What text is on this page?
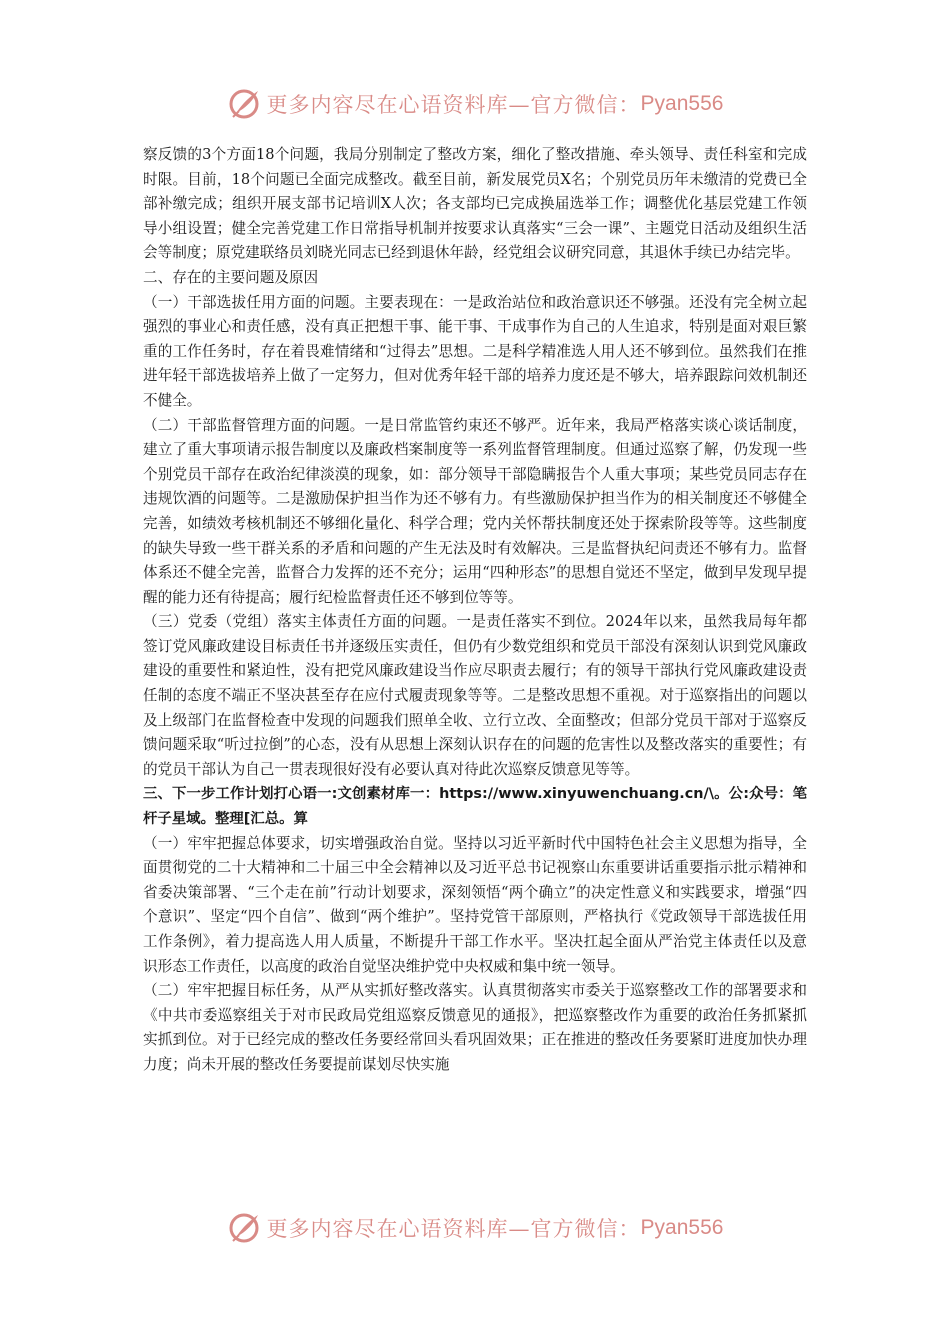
更多内容尽在心语资料库—官方微信： Pyan556

察反馈的3个方面18个问题，我局分别制定了整改方案，细化了整改措施、牵头领导、责任科室和完成时限。目前，18个问题已全面完成整改。截至目前，新发展党员X名；个别党员历年未缴清的党费已全部补缴完成；组织开展支部书记培训X人次；各支部均已完成换届选举工作；调整优化基层党建工作领导小组设置；健全完善党建工作日常指导机制并按要求认真落实“三会一课”、主题党日活动及组织生活会等制度；原党建联络员刘晓光同志已经到退休年龄，经党组会议研究同意，其退休手续已办结完毕。

二、存在的主要问题及原因

（一）干部选拔任用方面的问题。主要表现在：一是政治站位和政治意识还不够强。还没有完全树立起强烈的事业心和责任感，没有真正把想干事、能干事、干成事作为自己的人生追求，特别是面对艰巨繁重的工作任务时，存在着畏难情绪和“过得去”思想。二是科学精准选人用人还不够到位。虽然我们在推进年轻干部选拔培养上做了一定努力，但对优秀年轻干部的培养力度还是不够大，培养跟踪问效机制还不健全。

（二）干部监督管理方面的问题。一是日常监管约束还不够严。近年来，我局严格落实谈心谈话制度，建立了重大事项请示报告制度以及廉政档案制度等一系列监督管理制度。但通过巡察了解，仍发现一些个别党员干部存在政治纪律淡漠的现象，如：部分领导干部隐瞒报告个人重大事项；某些党员同志存在违规饮酒的问题等。二是激励保护担当作为还不够有力。有些激励保护担当作为的相关制度还不够健全完善，如绩效考核机制还不够细化量化、科学合理；党内关怀帮扶制度还处于探索阶段等等。这些制度的缺失导致一些干群关系的矛盾和问题的产生无法及时有效解决。三是监督执纪问责还不够有力。监督体系还不健全完善，监督合力发挥的还不充分；运用“四种形态”的思想自觉还不坚定，做到早发现早提醒的能力还有待提高；履行纪检监督责任还不够到位等等。

（三）党委（党组）落实主体责任方面的问题。一是责任落实不到位。2024年以来，虽然我局每年都签订党风廉政建设目标责任书并逐级压实责任，但仍有少数党组织和党员干部没有深刻认识到党风廉政建设的重要性和紧迫性，没有把党风廉政建设当作应尽职责去履行；有的领导干部执行党风廉政建设责任制的态度不端正不坚决甚至存在应付式履责现象等等。二是整改思想不重视。对于巡察指出的问题以及上级部门在监督检查中发现的问题我们照单全收、立行立改、全面整改；但部分党员干部对于巡察反馈问题采取“听过拉倒”的心态，没有从思想上深刻认识存在的问题的危害性以及整改落实的重要性；有的党员干部认为自己一贯表现很好没有必要认真对待此次巡察反馈意见等等。

三、下一步工作计划打心语一:文创素材库一：https://www.xinyuwenchuang.cn/\。公:众号：笔杆子星域。整理[汇总。算

（一）牢牢把握总体要求，切实增强政治自觉。坚持以习近平新时代中国特色社会主义思想为指导，全面贯彻党的二十大精神和二十届三中全会精神以及习近平总书记视察山东重要讲话重要指示批示精神和省委决策部署、“三个走在前”行动计划要求，深刻领悟“两个确立”的决定性意义和实践要求，增强“四个意识”、坚定“四个自信”、做到“两个维护”。坚持党管干部原则，严格执行《党政领导干部选拔任用工作条例》，着力提高选人用人质量，不断提升干部工作水平。坚决扛起全面从严治党主体责任以及意识形态工作责任，以高度的政治自觉坚决维护党中央权威和集中统一领导。

（二）牢牢把握目标任务，从严从实抓好整改落实。认真贯彻落实市委关于巡察整改工作的部署要求和《中共市委巡察组关于对市民政局党组巡察反馈意见的通报》，把巡察整改作为重要的政治任务抓紧抓实抓到位。对于已经完成的整改任务要经常回头看巩固效果；正在推进的整改任务要紧盯进度加快办理力度；尚未开展的整改任务要提前谋划尽快实施

更多内容尽在心语资料库—官方微信： Pyan556
